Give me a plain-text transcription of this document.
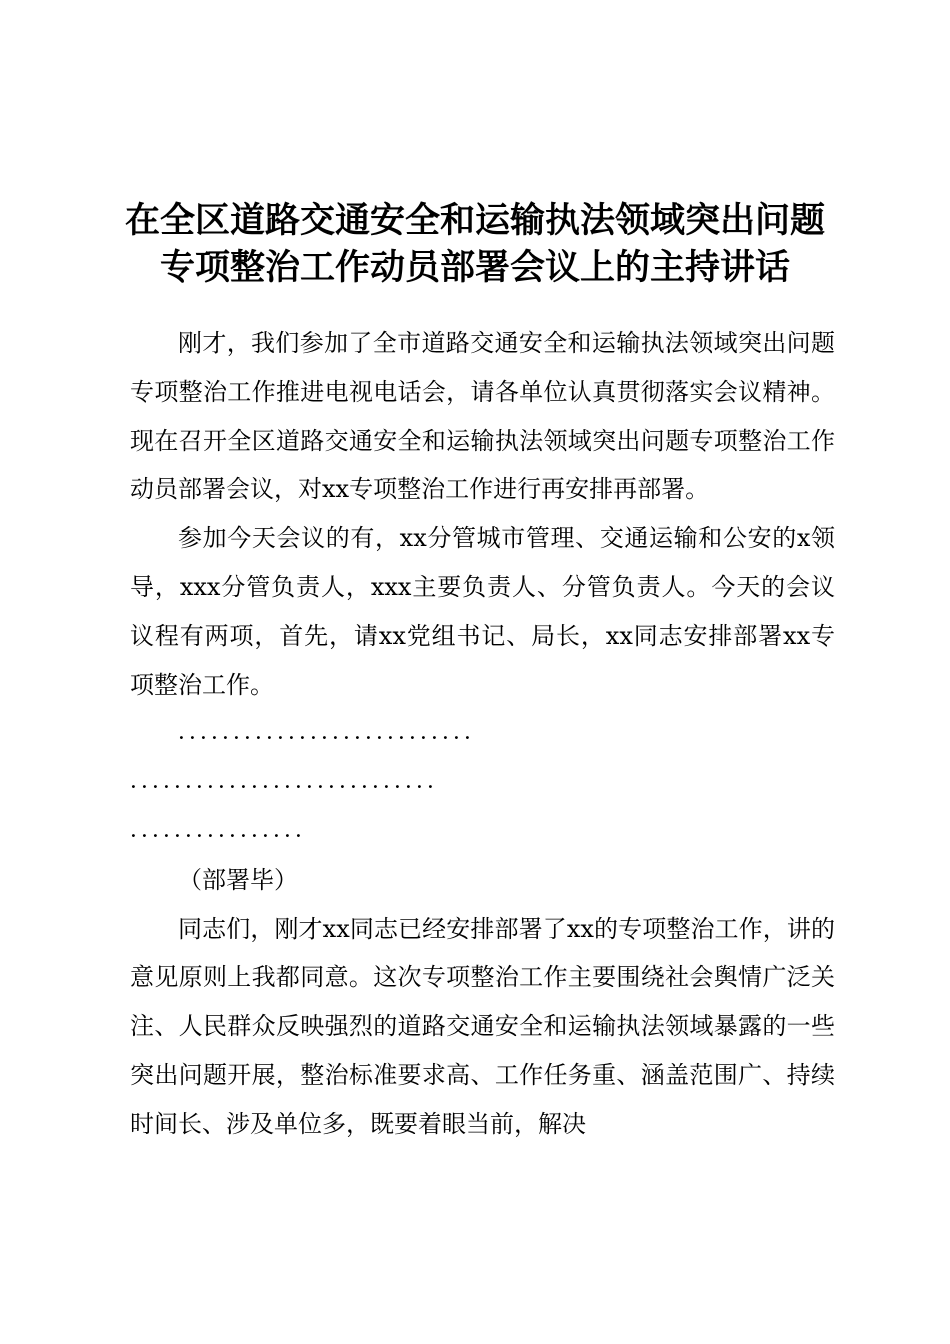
在全区道路交通安全和运输执法领域突出问题
专项整治工作动员部署会议上的主持讲话

刚才，我们参加了全市道路交通安全和运输执法领域突出问题专项整治工作推进电视电话会，请各单位认真贯彻落实会议精神。现在召开全区道路交通安全和运输执法领域突出问题专项整治工作动员部署会议，对xx专项整治工作进行再安排再部署。

参加今天会议的有，xx分管城市管理、交通运输和公安的x领导，xxx分管负责人，xxx主要负责人、分管负责人。今天的会议议程有两项，首先，请xx党组书记、局长，xx同志安排部署xx专项整治工作。

．．．．．．．．．．．．．．．．．．．．．．．．．．．

．．．．．．．．．．．．．．．．．．．．．．．．．．．．

．．．．．．．．．．．．．．．．

（部署毕）

同志们，刚才xx同志已经安排部署了xx的专项整治工作，讲的意见原则上我都同意。这次专项整治工作主要围绕社会舆情广泛关注、人民群众反映强烈的道路交通安全和运输执法领域暴露的一些突出问题开展，整治标准要求高、工作任务重、涵盖范围广、持续时间长、涉及单位多，既要着眼当前，解决
